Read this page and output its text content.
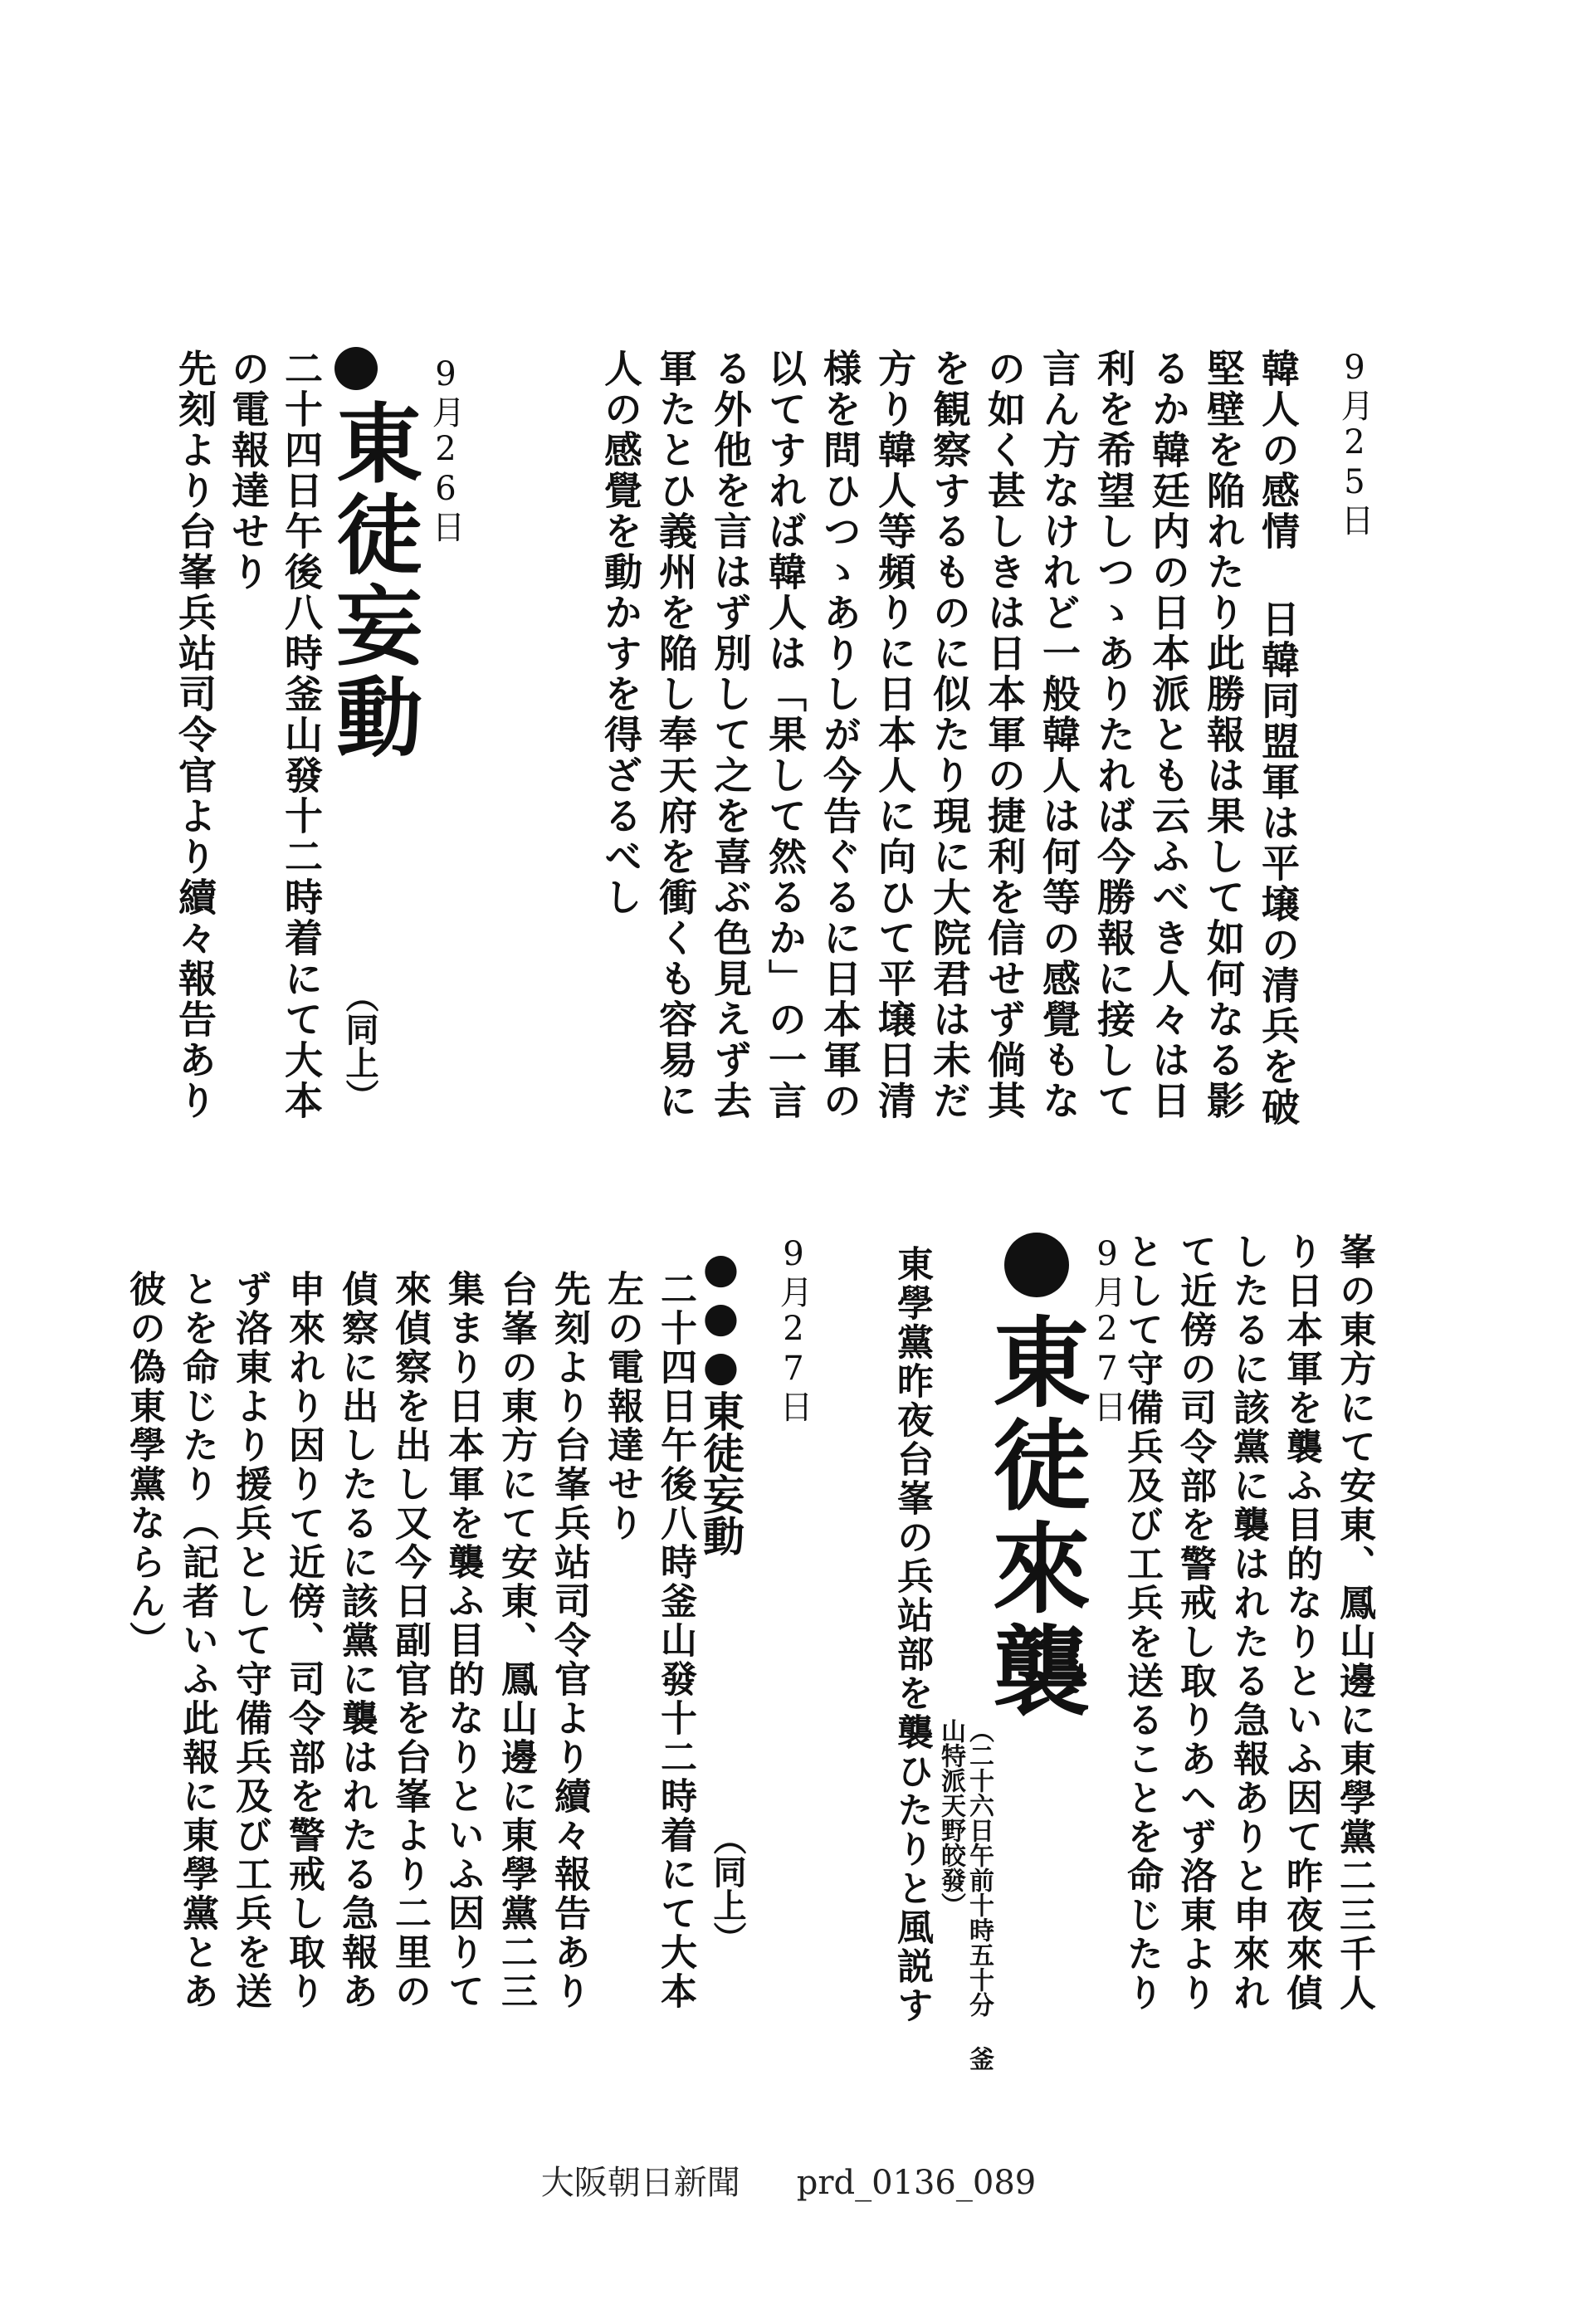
9月25日
韓人の感情 日韓同盟軍は平壌の清兵を破
堅壁を陥れたり此勝報は果して如何なる影
るか韓廷内の日本派とも云ふべき人々は日
利を希望しつゝありたれば今勝報に接して
言ん方なけれど一般韓人は何等の感覺もな
の如く甚しきは日本軍の捷利を信せず倘其
を観察するものに似たり現に大院君は未だ
方り韓人等頻りに日本人に向ひて平壌日清
様を問ひつゝありしが今告ぐるに日本軍の
以てすれば韓人は「果して然るか」の一言
る外他を言はず別して之を喜ぶ色見えず去
軍たとひ義州を陥し奉天府を衝くも容易に
人の感覺を動かすを得ざるべし
9月26日
東徒妄動
（同上）
二十四日午後八時釜山發十二時着にて大本
の電報達せり
先刻より台峯兵站司令官より續々報告あり
峯の東方にて安東、鳳山邊に東學黨二三千人
り日本軍を襲ふ目的なりといふ因て昨夜來偵
したるに該黨に襲はれたる急報ありと申來れ
て近傍の司令部を警戒し取りあへず洛東より
として守備兵及び工兵を送ることを命じたり
9月27日
東徒來襲
（二十六日午前十時五十分 釜山特派天野皎發）
東學黨昨夜台峯の兵站部を襲ひたりと風説す
9月27日
●●●東徒妄動
（同上）
二十四日午後八時釜山發十二時着にて大本
左の電報達せり
先刻より台峯兵站司令官より續々報告あり
台峯の東方にて安東、鳳山邊に東學黨二三
集まり日本軍を襲ふ目的なりといふ因りて
來偵察を出し又今日副官を台峯より二里の
偵察に出したるに該黨に襲はれたる急報あ
申來れり因りて近傍、司令部を警戒し取り
ず洛東より援兵として守備兵及び工兵を送
とを命じたり（記者いふ此報に東學黨とあ
彼の偽東學黨ならん）
大阪朝日新聞 prd_0136_089
